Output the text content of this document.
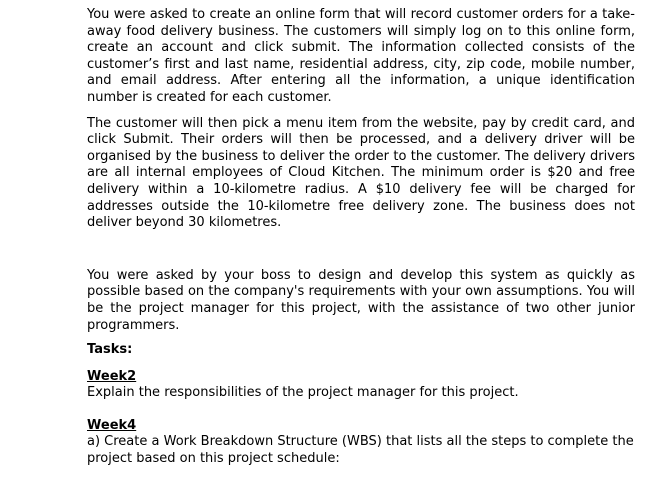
You were asked to create an online form that will record customer orders for a take-away food delivery business. The customers will simply log on to this online form, create an account and click submit. The information collected consists of the customer’s first and last name, residential address, city, zip code, mobile number, and email address. After entering all the information, a unique identification number is created for each customer.

The customer will then pick a menu item from the website, pay by credit card, and click Submit. Their orders will then be processed, and a delivery driver will be organised by the business to deliver the order to the customer. The delivery drivers are all internal employees of Cloud Kitchen. The minimum order is $20 and free delivery within a 10-kilometre radius. A $10 delivery fee will be charged for addresses outside the 10-kilometre free delivery zone. The business does not deliver beyond 30 kilometres.

You were asked by your boss to design and develop this system as quickly as possible based on the company's requirements with your own assumptions. You will be the project manager for this project, with the assistance of two other junior programmers.

Tasks:

Week2

Explain the responsibilities of the project manager for this project.

Week4

a) Create a Work Breakdown Structure (WBS) that lists all the steps to complete the project based on this project schedule:
